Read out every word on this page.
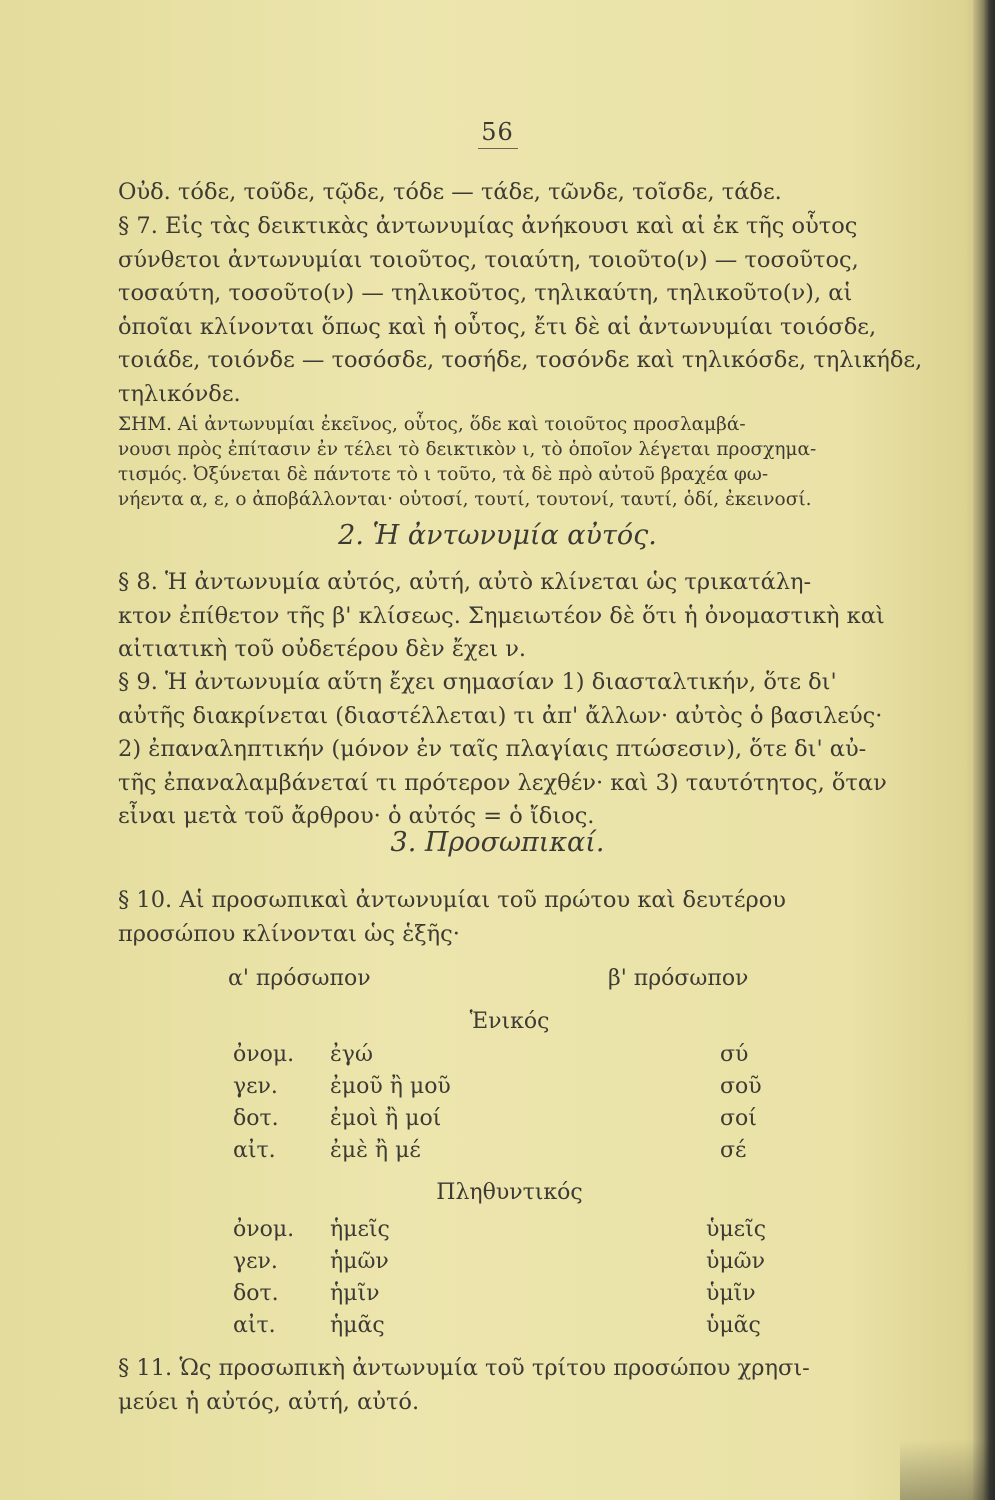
56
Οὐδ. τόδε, τοῦδε, τῷδε, τόδε — τάδε, τῶνδε, τοῖσδε, τάδε.
§ 7. Εἰς τὰς δεικτικὰς ἀντωνυμίας ἀνήκουσι καὶ αἱ ἐκ τῆς οὗτος
σύνθετοι ἀντωνυμίαι τοιοῦτος, τοιαύτη, τοιοῦτο(ν) — τοσοῦτος,
τοσαύτη, τοσοῦτο(ν) — τηλικοῦτος, τηλικαύτη, τηλικοῦτο(ν), αἱ
ὁποῖαι κλίνονται ὅπως καὶ ἡ οὗτος, ἔτι δὲ αἱ ἀντωνυμίαι τοιόσδε,
τοιάδε, τοιόνδε — τοσόσδε, τοσήδε, τοσόνδε καὶ τηλικόσδε, τηλικήδε,
τηλικόνδε.
ΣΗΜ. Αἱ ἀντωνυμίαι ἐκεῖνος, οὗτος, ὅδε καὶ τοιοῦτος προσλαμβά-
νουσι πρὸς ἐπίτασιν ἐν τέλει τὸ δεικτικὸν ι, τὸ ὁποῖον λέγεται προσχημα-
τισμός. Ὀξύνεται δὲ πάντοτε τὸ ι τοῦτο, τὰ δὲ πρὸ αὐτοῦ βραχέα φω-
νήεντα α, ε, ο ἀποβάλλονται· οὑτοσί, τουτί, τουτονί, ταυτί, ὁδί, ἐκεινοσί.
2. Ἡ ἀντωνυμία αὐτός.
§ 8. Ἡ ἀντωνυμία αὐτός, αὐτή, αὐτὸ κλίνεται ὡς τρικατάλη-
κτον ἐπίθετον τῆς β' κλίσεως. Σημειωτέον δὲ ὅτι ἡ ὀνομαστικὴ καὶ
αἰτιατικὴ τοῦ οὐδετέρου δὲν ἔχει ν.
§ 9. Ἡ ἀντωνυμία αὕτη ἔχει σημασίαν 1) διασταλτικήν, ὅτε δι'
αὐτῆς διακρίνεται (διαστέλλεται) τι ἀπ' ἄλλων· αὐτὸς ὁ βασιλεύς·
2) ἐπαναληπτικήν (μόνον ἐν ταῖς πλαγίαις πτώσεσιν), ὅτε δι' αὐ-
τῆς ἐπαναλαμβάνεταί τι πρότερον λεχθέν· καὶ 3) ταυτότητος, ὅταν
εἶναι μετὰ τοῦ ἄρθρου· ὁ αὐτός = ὁ ἴδιος.
3. Προσωπικαί.
§ 10. Αἱ προσωπικαὶ ἀντωνυμίαι τοῦ πρώτου καὶ δευτέρου
προσώπου κλίνονται ὡς ἑξῆς·
α' πρόσωπον	β' πρόσωπον
Ἑνικός
ὀνομ. ἐγώ	σύ
γεν. ἐμοῦ ἢ μοῦ	σοῦ
δοτ. ἐμοὶ ἢ μοί	σοί
αἰτ. ἐμὲ ἢ μέ	σέ
Πληθυντικός
ὀνομ. ἡμεῖς	ὑμεῖς
γεν. ἡμῶν	ὑμῶν
δοτ. ἡμῖν	ὑμῖν
αἰτ. ἡμᾶς	ὑμᾶς
§ 11. Ὡς προσωπικὴ ἀντωνυμία τοῦ τρίτου προσώπου χρησι-
μεύει ἡ αὐτός, αὐτή, αὐτό.
